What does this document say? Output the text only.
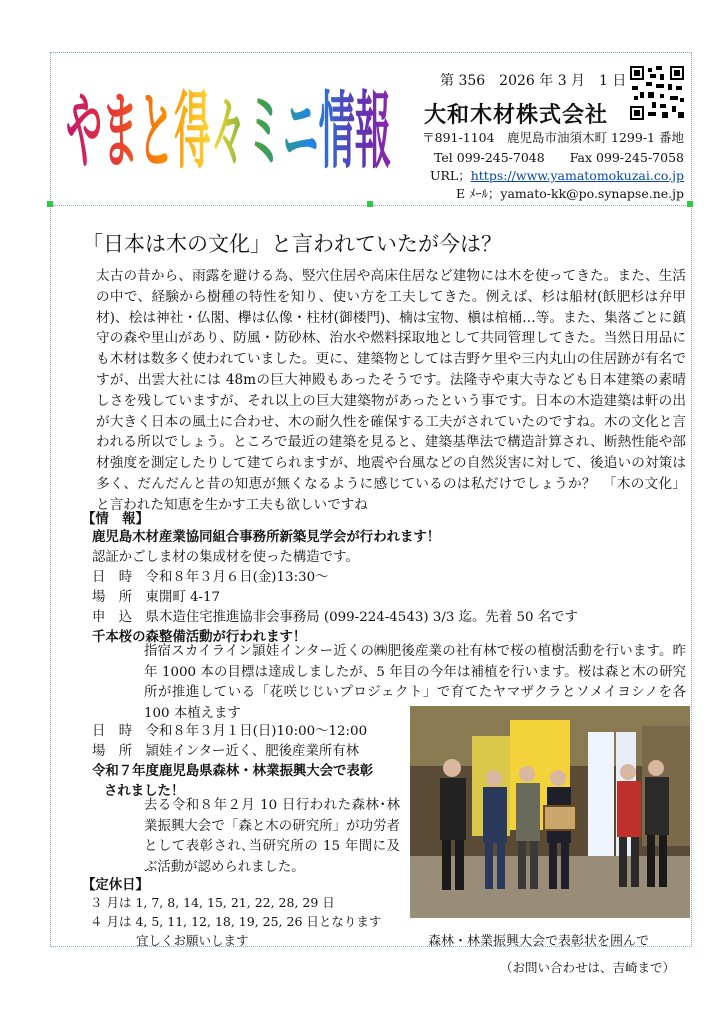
やまと得々ミニ情報
第 356　2026 年 3 月　1 日
大和木材株式会社
〒891-1104　鹿児島市油須木町 1299-1 番地
Tel 099-245-7048　　Fax 099-245-7058
URL；https://www.yamatomokuzai.co.jp
E ﾒｰﾙ；yamato-kk@po.synapse.ne.jp
「日本は木の文化」と言われていたが今は？

太古の昔から、雨露を避ける為、竪穴住居や高床住居など建物には木を使ってきた。また、生活の中で、経験から樹種の特性を知り、使い方を工夫してきた。例えば、杉は船材(飫肥杉は弁甲材)、桧は神社・仏閣、欅は仏像・柱材(御楼門)、楠は宝物、槇は棺桶…等。また、集落ごとに鎮守の森や里山があり、防風・防砂林、治水や燃料採取地として共同管理してきた。当然日用品にも木材は数多く使われていました。更に、建築物としては吉野ケ里や三内丸山の住居跡が有名ですが、出雲大社には 48mの巨大神殿もあったそうです。法隆寺や東大寺なども日本建築の素晴しさを残していますが、それ以上の巨大建築物があったという事です。日本の木造建築は軒の出が大きく日本の風土に合わせ、木の耐久性を確保する工夫がされていたのですね。木の文化と言われる所以でしょう。ところで最近の建築を見ると、建築基準法で構造計算され、断熱性能や部材強度を測定したりして建てられますが、地震や台風などの自然災害に対して、後追いの対策は多く、だんだんと昔の知恵が無くなるように感じているのは私だけでしょうか？　「木の文化」と言われた知恵を生かす工夫も欲しいですね

【情　報】
鹿児島木材産業協同組合事務所新築見学会が行われます！
認証かごしま材の集成材を使った構造です。
日　時　令和８年３月６日(金)13:30～
場　所　東開町 4-17
申　込　県木造住宅推進協非会事務局 (099-224-4543) 3/3 迄。先着 50 名です
千本桜の森整備活動が行われます！

指宿スカイライン頴娃インター近くの㈱肥後産業の社有林で桜の植樹活動を行います。昨年 1000 本の目標は達成しましたが、5 年目の今年は補植を行います。桜は森と木の研究所が推進している「花咲じじいプロジェクト」で育てたヤマザクラとソメイヨシノを各 100 本植えます

日　時　令和８年３月１日(日)10:00～12:00
場　所　頴娃インター近く、肥後産業所有林
令和７年度鹿児島県森林・林業振興大会で表彰
されました！

去る令和８年２月 10 日行われた森林･林業振興大会で「森と木の研究所」が功労者として表彰され､当研究所の 15 年間に及ぶ活動が認められました。

森林・林業振興大会で表彰状を囲んで
【定休日】
３ 月は 1, 7, 8, 14, 15, 21, 22, 28, 29 日
４ 月は 4, 5, 11, 12, 18, 19, 25, 26 日となります
宜しくお願いします
（お問い合わせは、吉崎まで）
